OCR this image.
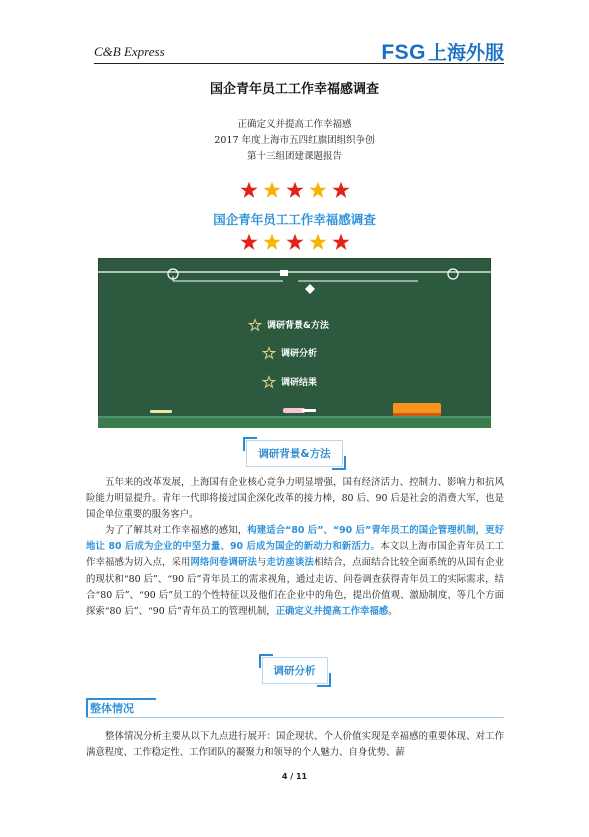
C&B Express	FSG 上海外服
国企青年员工工作幸福感调查
正确定义并提高工作幸福感
2017 年度上海市五四红旗团组织争创
第十三组团建课题报告
国企青年员工工作幸福感调查
调研背景&方法
调研分析
调研结果
调研背景&方法
五年来的改革发展，上海国有企业核心竞争力明显增强，国有经济活力、控制力、影响力和抗风险能力明显提升。青年一代即将接过国企深化改革的接力棒，80 后、90 后是社会的消费大军，也是国企单位重要的服务客户。
为了了解其对工作幸福感的感知，构建适合“80 后”、“90 后”青年员工的国企管理机制，更好地让 80 后成为企业的中坚力量、90 后成为国企的新动力和新活力。本文以上海市国企青年员工工作幸福感为切入点，采用网络问卷调研法与走访座谈法相结合，点面结合比较全面系统的从国有企业的现状和“80 后”、“90 后”青年员工的需求视角，通过走访、问卷调查获得青年员工的实际需求，结合“80 后”、“90 后”员工的个性特征以及他们在企业中的角色，提出价值观、激励制度、等几个方面探索“80 后”、“90 后”青年员工的管理机制，正确定义并提高工作幸福感。
调研分析
整体情况
整体情况分析主要从以下九点进行展开：国企现状、个人价值实现是幸福感的重要体现、对工作满意程度、工作稳定性、工作团队的凝聚力和领导的个人魅力、自身优势、薪
4 / 11
